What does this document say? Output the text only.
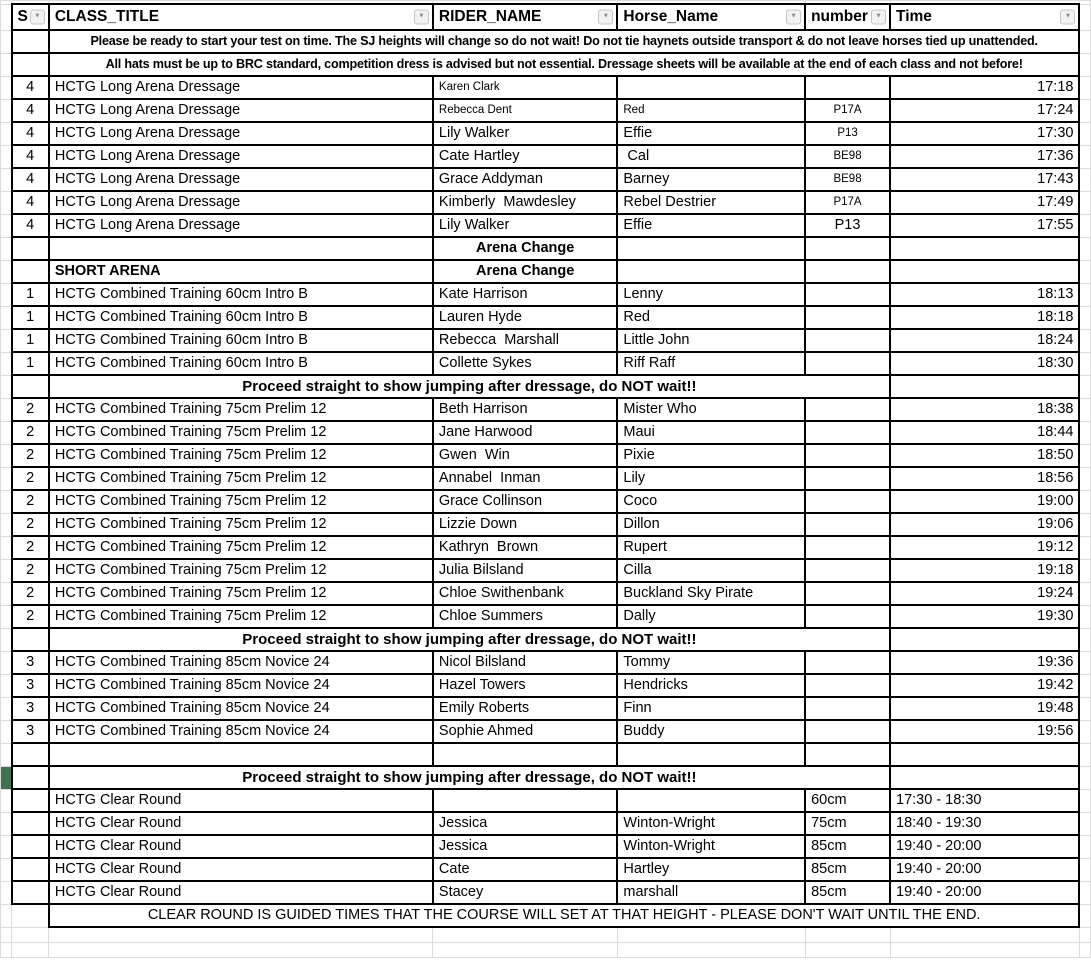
	S ▼	CLASS_TITLE ▼	RIDER_NAME ▼	Horse_Name ▼	number ▼	Time ▼	

		Please be ready to start your test on time. The SJ heights will change so do not wait! Do not tie haynets outside transport & do not leave horses tied up unattended.					
		All hats must be up to BRC standard, competition dress is advised but not essential. Dressage sheets will be available at the end of each class and not before!					
	4	HCTG Long Arena Dressage	Karen Clark			17:18	
	4	HCTG Long Arena Dressage	Rebecca Dent	Red	P17A	17:24	
	4	HCTG Long Arena Dressage	Lily Walker	Effie	P13	17:30	
	4	HCTG Long Arena Dressage	Cate Hartley	Cal	BE98	17:36	
	4	HCTG Long Arena Dressage	Grace Addyman	Barney	BE98	17:43	
	4	HCTG Long Arena Dressage	Kimberly  Mawdesley	Rebel Destrier	P17A	17:49	
	4	HCTG Long Arena Dressage	Lily Walker	Effie	P13	17:55	
			Arena Change				
		SHORT ARENA	Arena Change				
	1	HCTG Combined Training 60cm Intro B	Kate Harrison	Lenny		18:13	
	1	HCTG Combined Training 60cm Intro B	Lauren Hyde	Red		18:18	
	1	HCTG Combined Training 60cm Intro B	Rebecca  Marshall	Little John		18:24	
	1	HCTG Combined Training 60cm Intro B	Collette Sykes	Riff Raff		18:30	
		Proceed straight to show jumping after dressage, do NOT wait!!					
	2	HCTG Combined Training 75cm Prelim 12	Beth Harrison	Mister Who		18:38	
	2	HCTG Combined Training 75cm Prelim 12	Jane Harwood	Maui		18:44	
	2	HCTG Combined Training 75cm Prelim 12	Gwen  Win	Pixie		18:50	
	2	HCTG Combined Training 75cm Prelim 12	Annabel  Inman	Lily		18:56	
	2	HCTG Combined Training 75cm Prelim 12	Grace Collinson	Coco		19:00	
	2	HCTG Combined Training 75cm Prelim 12	Lizzie Down	Dillon		19:06	
	2	HCTG Combined Training 75cm Prelim 12	Kathryn  Brown	Rupert		19:12	
	2	HCTG Combined Training 75cm Prelim 12	Julia Bilsland	Cilla		19:18	
	2	HCTG Combined Training 75cm Prelim 12	Chloe Swithenbank	Buckland Sky Pirate		19:24	
	2	HCTG Combined Training 75cm Prelim 12	Chloe Summers	Dally		19:30	
		Proceed straight to show jumping after dressage, do NOT wait!!					
	3	HCTG Combined Training 85cm Novice 24	Nicol Bilsland	Tommy		19:36	
	3	HCTG Combined Training 85cm Novice 24	Hazel Towers	Hendricks		19:42	
	3	HCTG Combined Training 85cm Novice 24	Emily Roberts	Finn		19:48	
	3	HCTG Combined Training 85cm Novice 24	Sophie Ahmed	Buddy		19:56	

		Proceed straight to show jumping after dressage, do NOT wait!!					
		HCTG Clear Round			60cm	17:30 - 18:30	
		HCTG Clear Round	Jessica	Winton-Wright	75cm	18:40 - 19:30	
		HCTG Clear Round	Jessica	Winton-Wright	85cm	19:40 - 20:00	
		HCTG Clear Round	Cate	Hartley	85cm	19:40 - 20:00	
		HCTG Clear Round	Stacey	marshall	85cm	19:40 - 20:00	
		CLEAR ROUND IS GUIDED TIMES THAT THE COURSE WILL SET AT THAT HEIGHT - PLEASE DON'T WAIT UNTIL THE END.					
